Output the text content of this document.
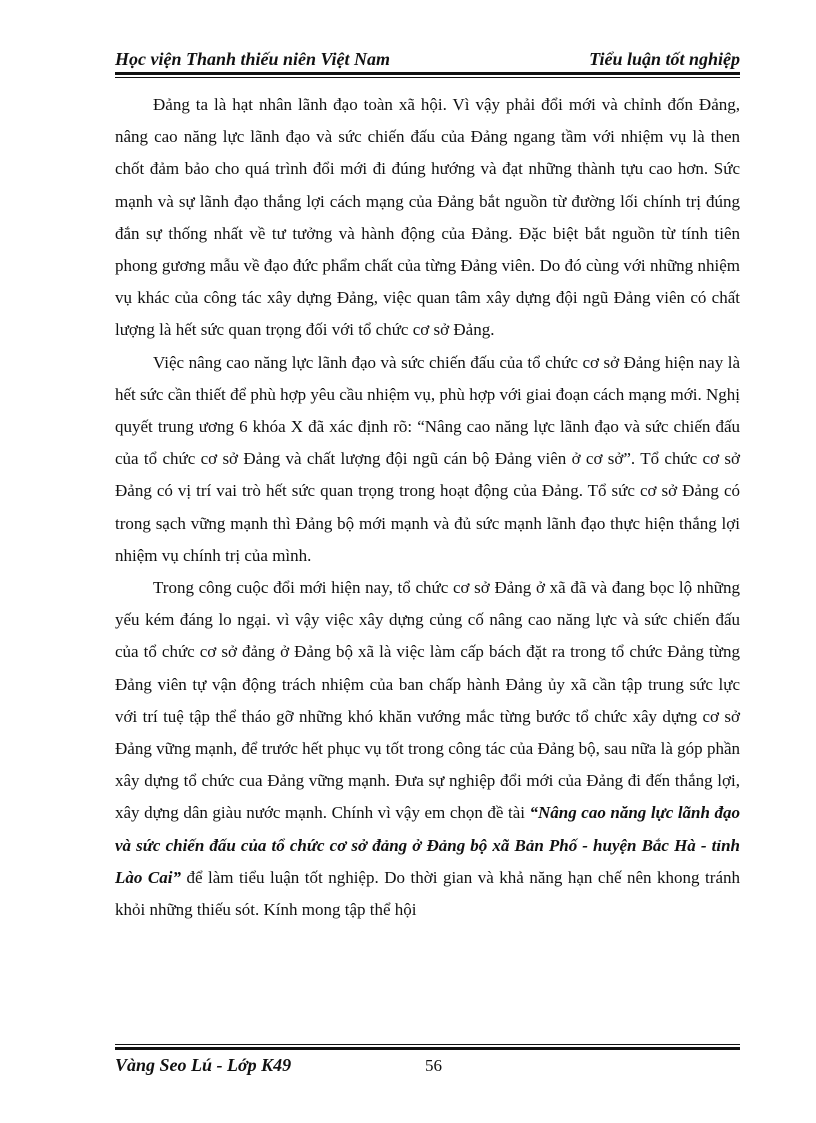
Học viện Thanh thiếu niên Việt Nam	Tiểu luận tốt nghiệp

Đảng ta là hạt nhân lãnh đạo toàn xã hội. Vì vậy phải đổi mới và chỉnh đốn Đảng, nâng cao năng lực lãnh đạo và sức chiến đấu của Đảng ngang tầm với nhiệm vụ là then chốt đảm bảo cho quá trình đổi mới đi đúng hướng và đạt những thành tựu cao hơn. Sức mạnh và sự lãnh đạo thắng lợi cách mạng của Đảng bắt nguồn từ đường lối chính trị đúng đắn sự thống nhất về tư tưởng và hành động của Đảng. Đặc biệt bắt nguồn từ tính tiên phong gương mẫu về đạo đức phẩm chất của từng Đảng viên. Do đó cùng với những nhiệm vụ khác của công tác xây dựng Đảng, việc quan tâm xây dựng đội ngũ Đảng viên có chất lượng là hết sức quan trọng đối với tổ chức cơ sở Đảng.

Việc nâng cao năng lực lãnh đạo và sức chiến đấu của tổ chức cơ sở Đảng hiện nay là hết sức cần thiết để phù hợp yêu cầu nhiệm vụ, phù hợp với giai đoạn cách mạng mới. Nghị quyết trung ương 6 khóa X đã xác định rõ: “Nâng cao năng lực lãnh đạo và sức chiến đấu của tổ chức cơ sở Đảng và chất lượng đội ngũ cán bộ Đảng viên ở cơ sở”. Tổ chức cơ sở Đảng có vị trí vai trò hết sức quan trọng trong hoạt động của Đảng. Tổ sức cơ sở Đảng có trong sạch vững mạnh thì Đảng bộ mới mạnh và đủ sức mạnh lãnh đạo thực hiện thắng lợi nhiệm vụ chính trị của mình.

Trong công cuộc đổi mới hiện nay, tổ chức cơ sở Đảng ở xã đã và đang bọc lộ những yếu kém đáng lo ngại. vì vậy việc xây dựng củng cố nâng cao năng lực và sức chiến đấu của tổ chức cơ sở đảng ở Đảng bộ xã là việc làm cấp bách đặt ra trong tổ chức Đảng từng Đảng viên tự vận động trách nhiệm của ban chấp hành Đảng ủy xã cần tập trung sức lực với trí tuệ tập thể tháo gỡ những khó khăn vướng mắc từng bước tổ chức xây dựng cơ sở Đảng vững mạnh, để trước hết phục vụ tốt trong công tác của Đảng bộ, sau nữa là góp phần xây dựng tổ chức cua Đảng vững mạnh. Đưa sự nghiệp đổi mới của Đảng đi đến thắng lợi, xây dựng dân giàu nước mạnh. Chính vì vậy em chọn đề tài “Nâng cao năng lực lãnh đạo và sức chiến đấu của tổ chức cơ sở đảng ở Đảng bộ xã Bản Phố - huyện Bắc Hà - tỉnh Lào Cai” để làm tiểu luận tốt nghiệp. Do thời gian và khả năng hạn chế nên khong tránh khỏi những thiếu sót. Kính mong tập thể hội

Vàng Seo Lú - Lớp K49	56
